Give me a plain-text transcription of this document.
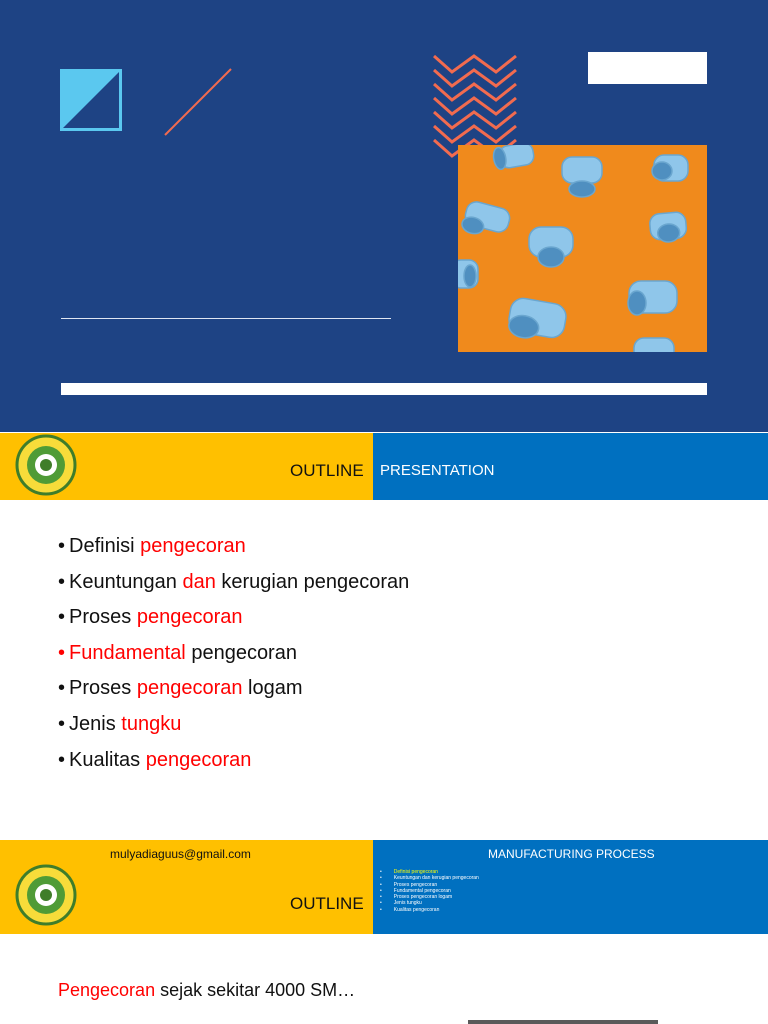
OUTLINE PRESENTATION
• Definisi pengecoran
• Keuntungan dan kerugian pengecoran
• Proses pengecoran
• Fundamental pengecoran
• Proses pengecoran logam
• Jenis tungku
• Kualitas pengecoran
mulyadiaguus@gmail.com	MANUFACTURING PROCESS
OUTLINE
• Definisi pengecoran
• Keuntungan dan kerugian pengecoran
• Proses pengecoran
• Fundamental pengecoran
• Proses pengecoran logam
• Jenis tungku
• Kualitas pengecoran
Pengecoran sejak sekitar 4000 SM…
